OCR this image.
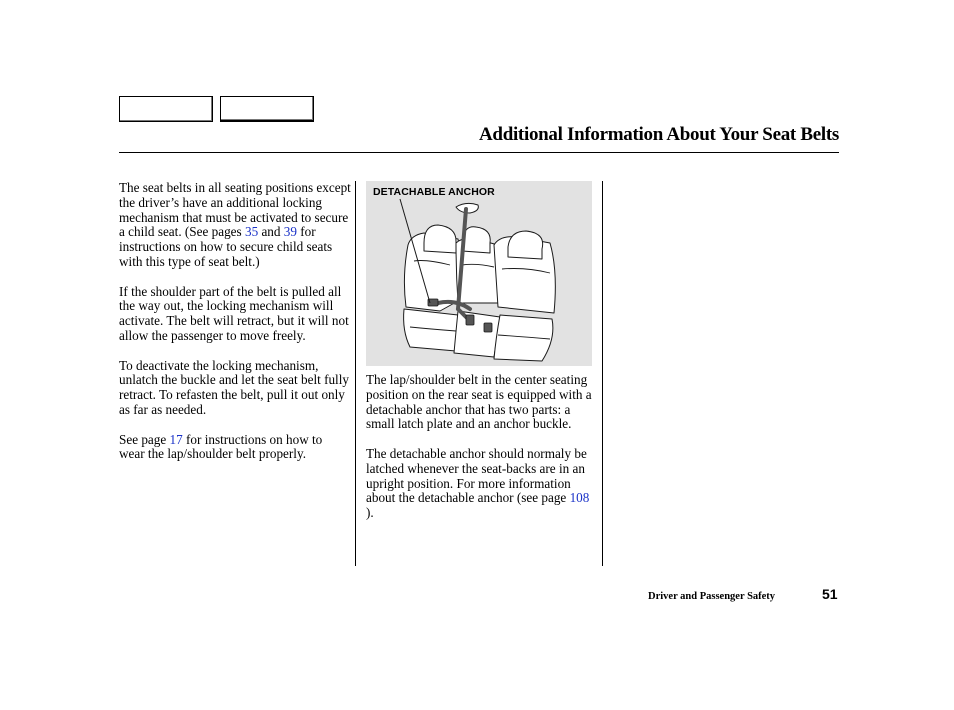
Additional Information About Your Seat Belts

The seat belts in all seating positions except the driver’s have an additional locking mechanism that must be activated to secure a child seat. (See pages 35 and 39 for instructions on how to secure child seats with this type of seat belt.)

If the shoulder part of the belt is pulled all the way out, the locking mechanism will activate. The belt will retract, but it will not allow the passenger to move freely.

To deactivate the locking mechanism, unlatch the buckle and let the seat belt fully retract. To refasten the belt, pull it out only as far as needed.

See page 17 for instructions on how to wear the lap/shoulder belt properly.

DETACHABLE ANCHOR

The lap/shoulder belt in the center seating position on the rear seat is equipped with a detachable anchor that has two parts: a small latch plate and an anchor buckle.

The detachable anchor should normaly be latched whenever the seat-backs are in an upright position. For more information about the detachable anchor (see page 108 ).

Driver and Passenger Safety	51
